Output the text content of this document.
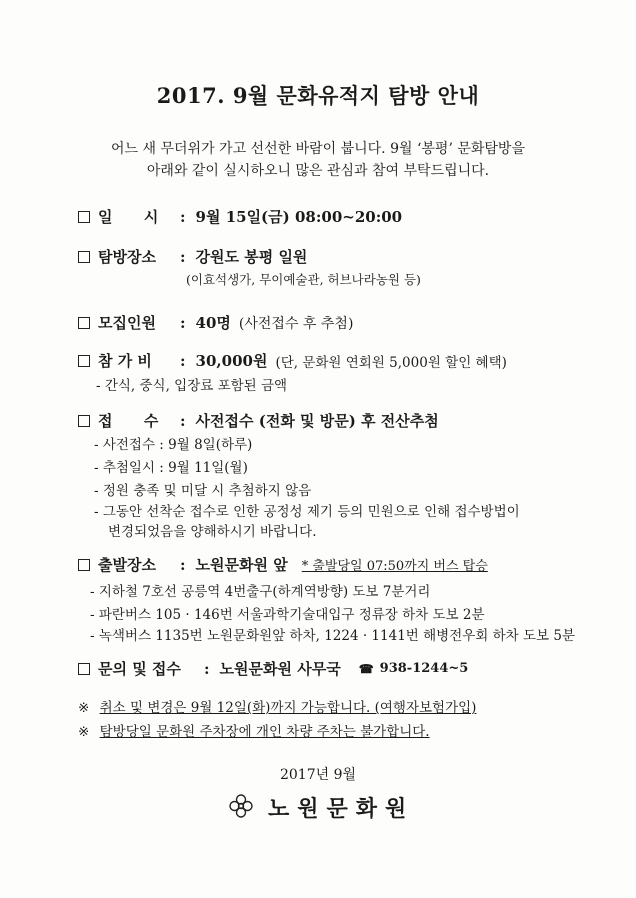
2017. 9월 문화유적지 탐방 안내
어느 새 무더위가 가고 선선한 바람이 붑니다. 9월 ‘봉평’ 문화탐방을
아래와 같이 실시하오니 많은 관심과 참여 부탁드립니다.
일      시	: 9월 15일(금) 08:00~20:00
탐방장소	: 강원도 봉평 일원
(이효석생가, 무이예술관, 허브나라농원 등)
모집인원	: 40명 (사전접수 후 추첨)
참 가 비	: 30,000원 (단, 문화원 연회원 5,000원 할인 혜택)
- 간식, 중식, 입장료 포함된 금액
접      수	: 사전접수 (전화 및 방문) 후 전산추첨
- 사전접수 : 9월 8일(하루)
- 추첨일시 : 9월 11일(월)
- 정원 충족 및 미달 시 추첨하지 않음
- 그동안 선착순 접수로 인한 공정성 제기 등의 민원으로 인해 접수방법이
변경되었음을 양해하시기 바랍니다.
출발장소	: 노원문화원 앞 * 출발당일 07:50까지 버스 탑승
- 지하철 7호선 공릉역 4번출구(하계역방향) 도보 7분거리
- 파란버스 105 · 146번 서울과학기술대입구 정류장 하차 도보 2분
- 녹색버스 1135번 노원문화원앞 하차, 1224 · 1141번 해병전우회 하차 도보 5분
문의 및 접수	: 노원문화원 사무국 ☎ 938-1244~5
※ 취소 및 변경은 9월 12일(화)까지 가능합니다. (여행자보험가입)
※ 탐방당일 문화원 주차장에 개인 차량 주차는 불가합니다.
2017년 9월
노원문화원
